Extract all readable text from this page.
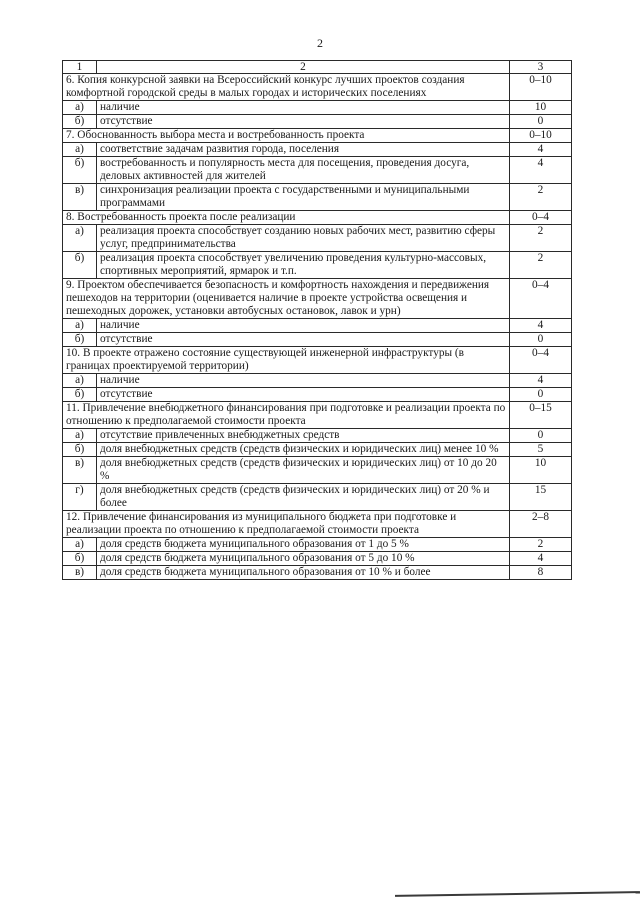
2
1	2	3
6. Копия конкурсной заявки на Всероссийский конкурс лучших проектов создания комфортной городской среды в малых городах и исторических поселениях		0–10
а)	наличие	10
б)	отсутствие	0
7. Обоснованность выбора места и востребованность проекта		0–10
а)	соответствие задачам развития города, поселения	4
б)	востребованность и популярность места для посещения, проведения досуга, деловых активностей для жителей	4
в)	синхронизация реализации проекта с государственными и муниципальными программами	2
8. Востребованность проекта после реализации		0–4
а)	реализация проекта способствует созданию новых рабочих мест, развитию сферы услуг, предпринимательства	2
б)	реализация проекта способствует увеличению проведения культурно-массовых, спортивных мероприятий, ярмарок и т.п.	2
9. Проектом обеспечивается безопасность и комфортность нахождения и передвижения пешеходов на территории (оценивается наличие в проекте устройства освещения и пешеходных дорожек, установки автобусных остановок, лавок и урн)		0–4
а)	наличие	4
б)	отсутствие	0
10. В проекте отражено состояние существующей инженерной инфраструктуры (в границах проектируемой территории)		0–4
а)	наличие	4
б)	отсутствие	0
11. Привлечение внебюджетного финансирования при подготовке и реализации проекта по отношению к предполагаемой стоимости проекта		0–15
а)	отсутствие привлеченных внебюджетных средств	0
б)	доля внебюджетных средств (средств физических и юридических лиц) менее 10 %	5
в)	доля внебюджетных средств (средств физических и юридических лиц) от 10 до 20 %	10
г)	доля внебюджетных средств (средств физических и юридических лиц) от 20 % и более	15
12. Привлечение финансирования из муниципального бюджета при подготовке и реализации проекта по отношению к предполагаемой стоимости проекта		2–8
а)	доля средств бюджета муниципального образования от 1 до 5 %	2
б)	доля средств бюджета муниципального образования от 5 до 10 %	4
в)	доля средств бюджета муниципального образования от 10 % и более	8
